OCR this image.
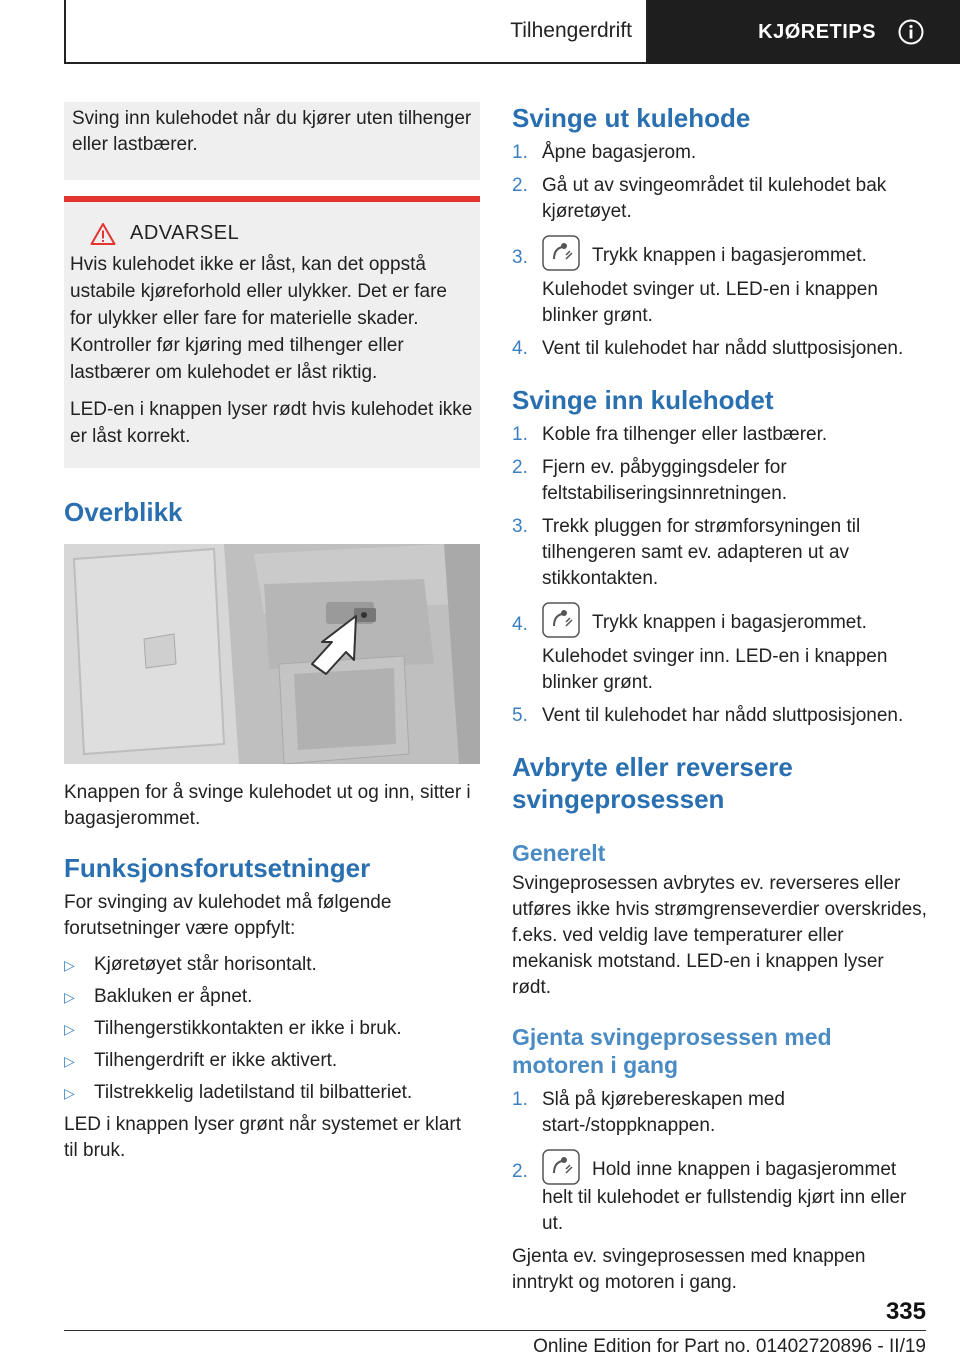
Tilhengerdrift	KJØRETIPS
Sving inn kulehodet når du kjører uten tilhenger eller lastbærer.
ADVARSEL

Hvis kulehodet ikke er låst, kan det oppstå ustabile kjøreforhold eller ulykker. Det er fare for ulykker eller fare for materielle skader. Kontroller før kjøring med tilhenger eller lastbærer om kulehodet er låst riktig.

LED-en i knappen lyser rødt hvis kulehodet ikke er låst korrekt.

Overblikk

Knappen for å svinge kulehodet ut og inn, sitter i bagasjerommet.

Funksjonsforutsetninger

For svinging av kulehodet må følgende forutsetninger være oppfylt:

▷ Kjøretøyet står horisontalt.
▷ Bakluken er åpnet.
▷ Tilhengerstikkontakten er ikke i bruk.
▷ Tilhengerdrift er ikke aktivert.
▷ Tilstrekkelig ladetilstand til bilbatteriet.

LED i knappen lyser grønt når systemet er klart til bruk.

Svinge ut kulehode
1. Åpne bagasjerom.
2. Gå ut av svingeområdet til kulehodet bak kjøretøyet.
3.	Trykk knappen i bagasjerommet.
Kulehodet svinger ut. LED-en i knappen blinker grønt.
4. Vent til kulehodet har nådd sluttposisjonen.
Svinge inn kulehodet
1. Koble fra tilhenger eller lastbærer.
2. Fjern ev. påbyggingsdeler for feltstabiliseringsinnretningen.
3. Trekk pluggen for strømforsyningen til tilhengeren samt ev. adapteren ut av stikkontakten.
4.	Trykk knappen i bagasjerommet.
Kulehodet svinger inn. LED-en i knappen blinker grønt.
5. Vent til kulehodet har nådd sluttposisjonen.
Avbryte eller reversere svingeprosessen
Generelt

Svingeprosessen avbrytes ev. reverseres eller utføres ikke hvis strømgrenseverdier overskrides, f.eks. ved veldig lave temperaturer eller mekanisk motstand. LED-en i knappen lyser rødt.

Gjenta svingeprosessen med motoren i gang
1. Slå på kjørebereskapen med start-/stoppknappen.
2.	Hold inne knappen i bagasjerommet helt til kulehodet er fullstendig kjørt inn eller ut.

Gjenta ev. svingeprosessen med knappen inntrykt og motoren i gang.

335
Online Edition for Part no. 01402720896 - II/19
